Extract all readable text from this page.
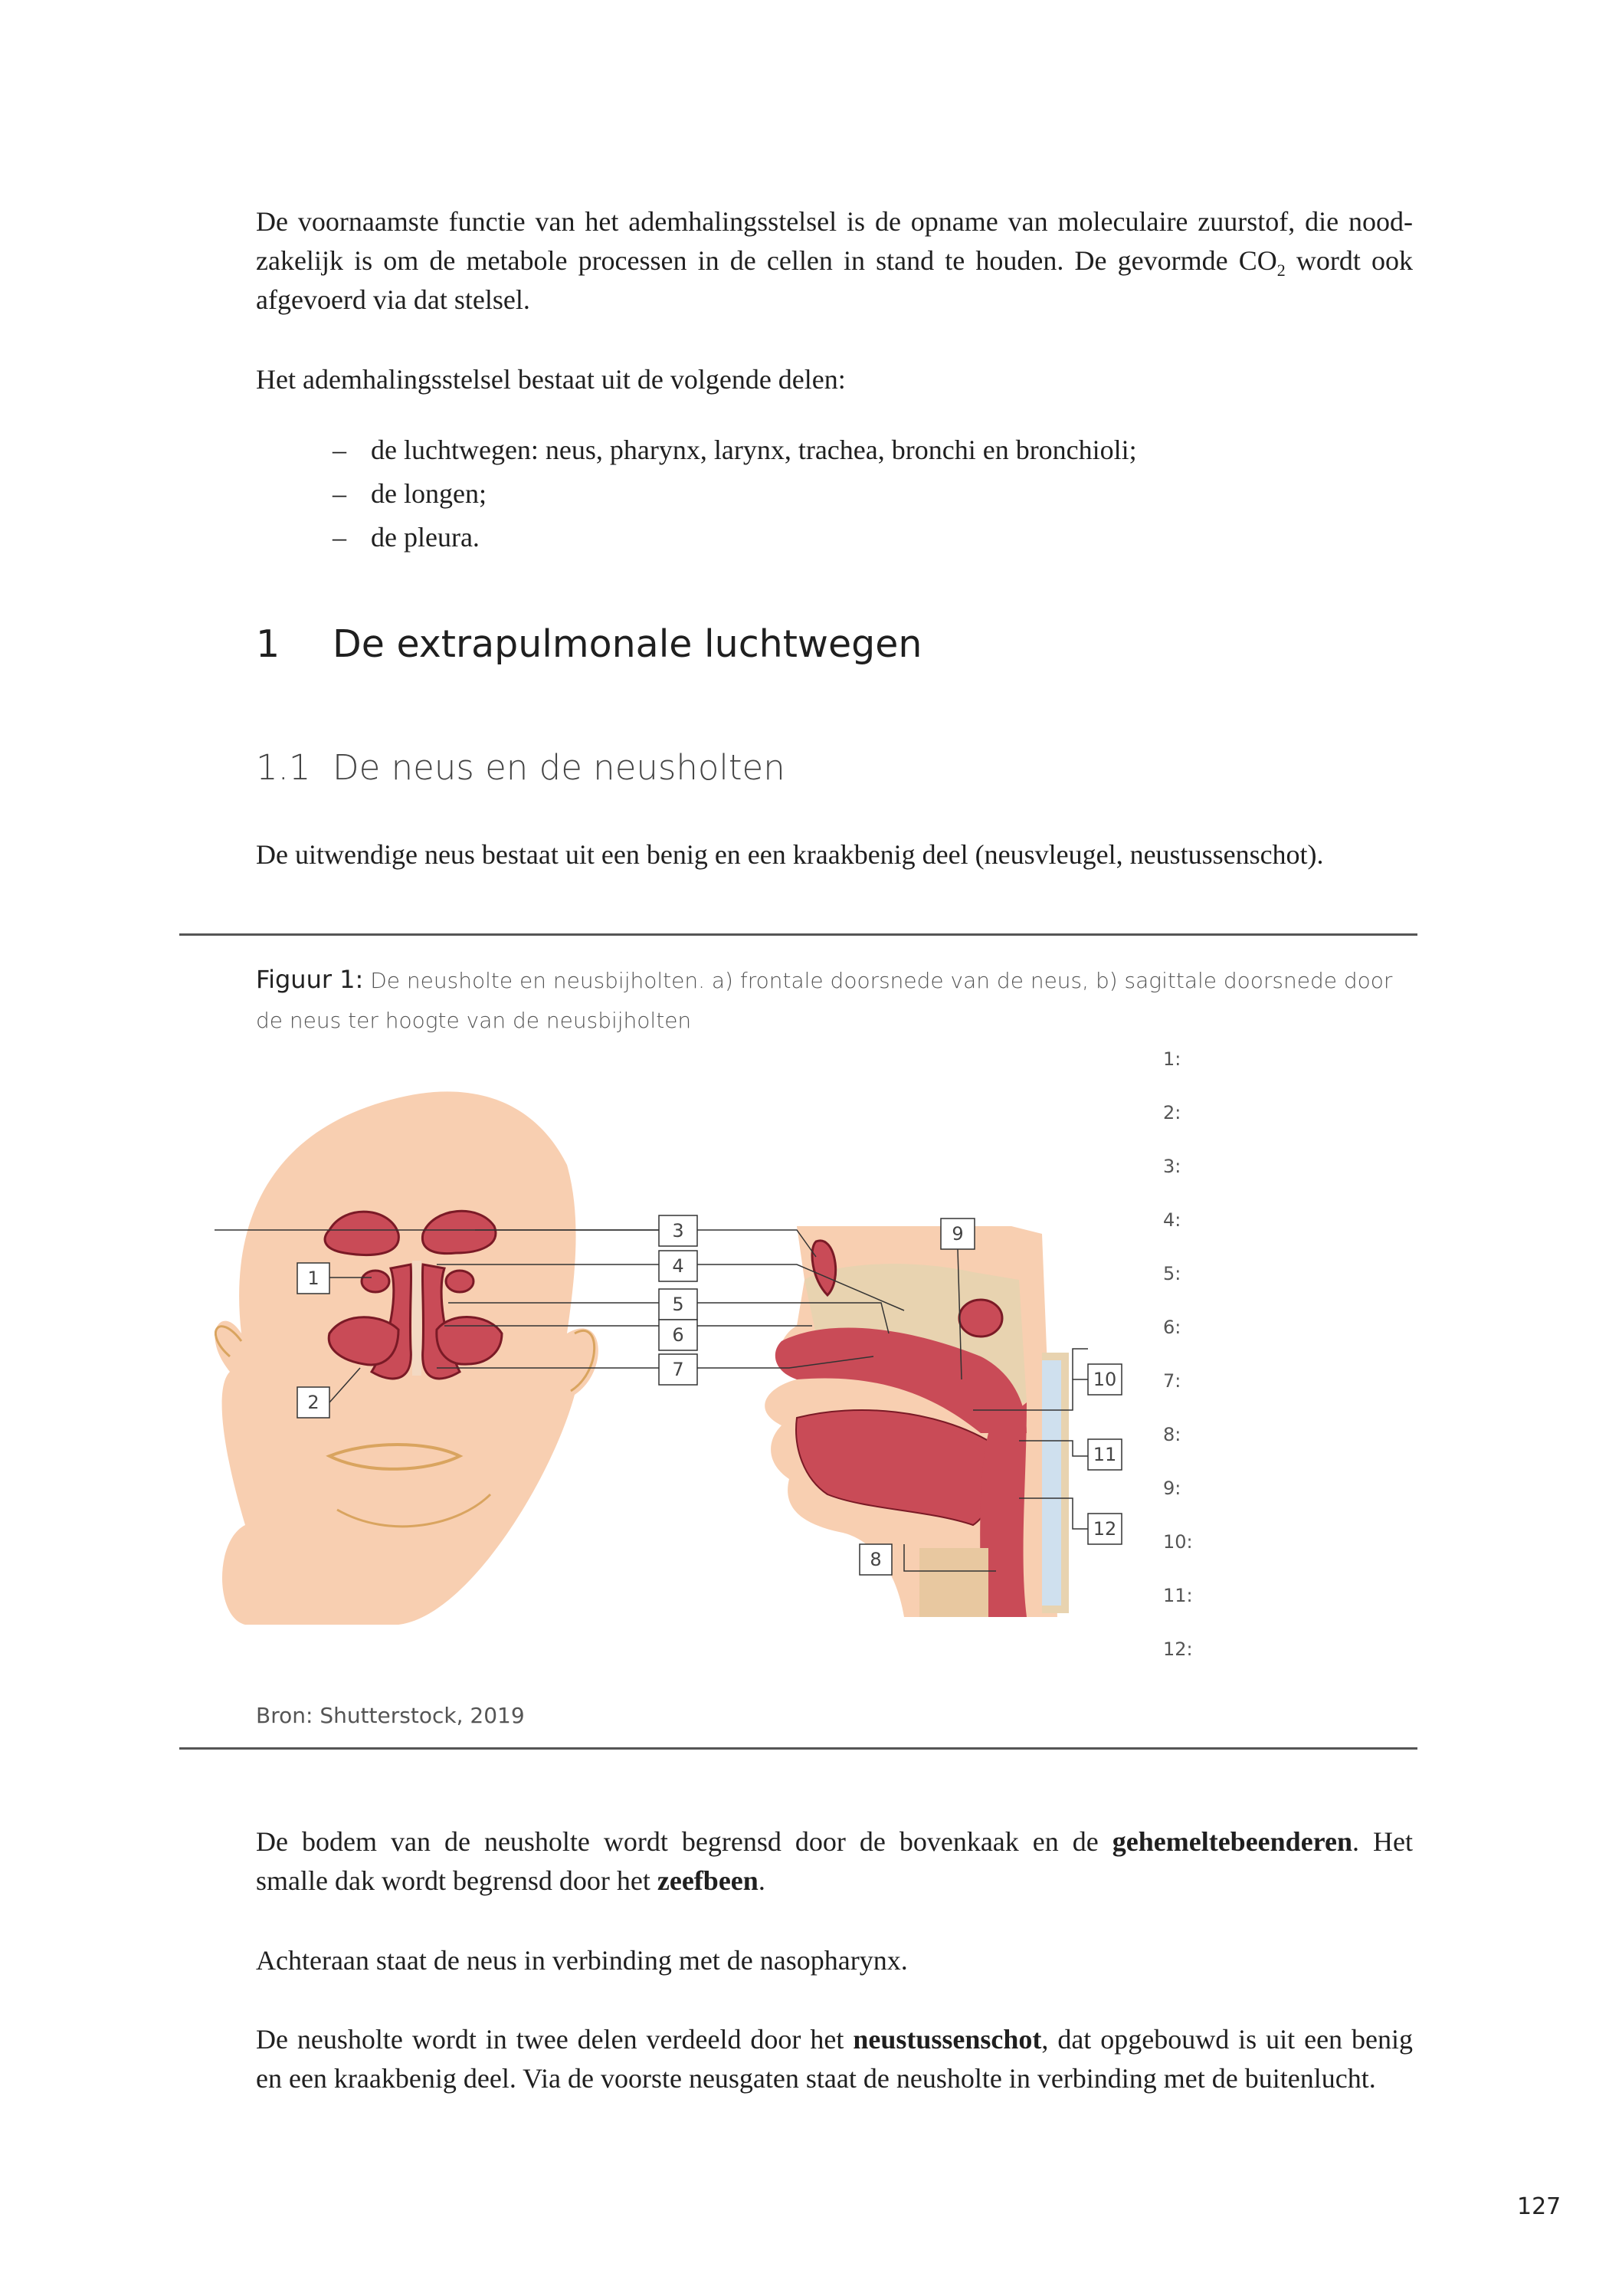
De voornaamste functie van het ademhalingsstelsel is de opname van moleculaire zuurstof, die nood-
zakelijk is om de metabole processen in de cellen in stand te houden. De gevormde $CO_2$ wordt ook
afgevoerd via dat stelsel.
Het ademhalingsstelsel bestaat uit de volgende delen:
– de luchtwegen: neus, pharynx, larynx, trachea, bronchi en bronchioli;
– de longen;
– de pleura.
1 De extrapulmonale luchtwegen
1.1 De neus en de neusholten
De uitwendige neus bestaat uit een benig en een kraakbenig deel (neusvleugel, neustussenschot).
Figuur 1: De neusholte en neusbijholten. a) frontale doorsnede van de neus, b) sagittale doorsnede door de neus ter hoogte van de neusbijholten
1
2
3
4
5
6
7
8
9
10
11
12
1:
2:
3:
4:
5:
6:
7:
8:
9:
10:
11:
12:
Bron: Shutterstock, 2019
De bodem van de neusholte wordt begrensd door de bovenkaak en de gehemeltebeenderen. Het
smalle dak wordt begrensd door het zeefbeen.
Achteraan staat de neus in verbinding met de nasopharynx.
De neusholte wordt in twee delen verdeeld door het neustussenschot, dat opgebouwd is uit een benig
en een kraakbenig deel. Via de voorste neusgaten staat de neusholte in verbinding met de buitenlucht.
127
